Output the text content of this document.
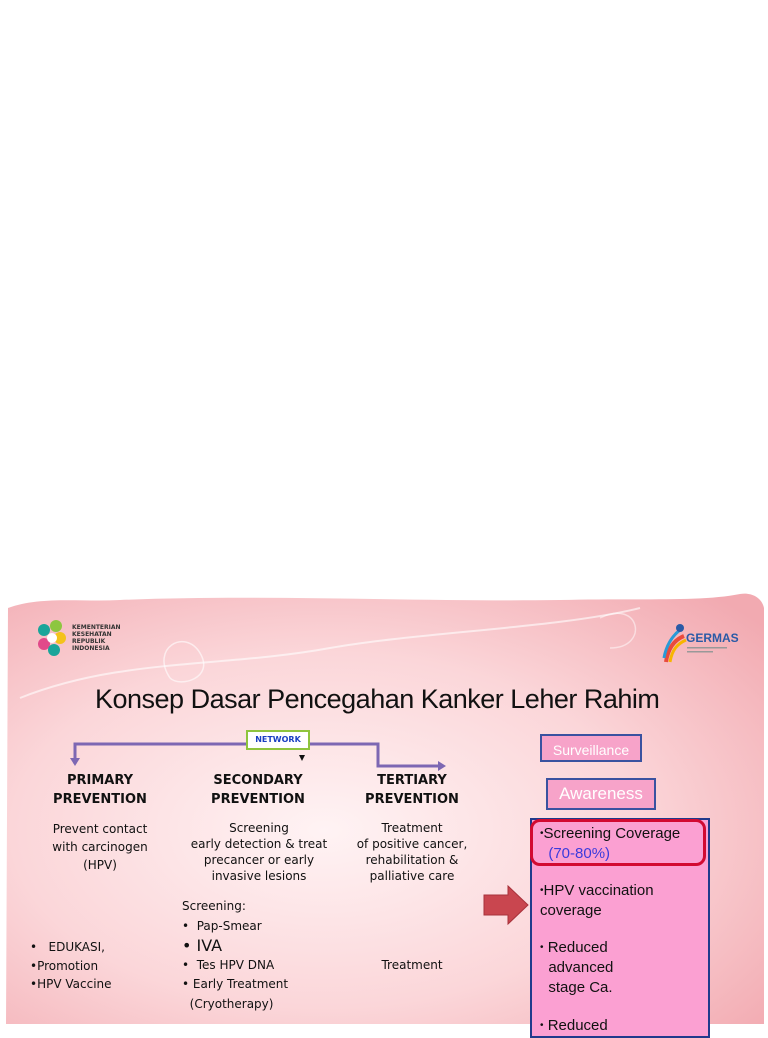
KEMENTERIAN
KESEHATAN
REPUBLIK
INDONESIA
GERMAS
Konsep Dasar Pencegahan Kanker Leher Rahim
NETWORK
PRIMARY
PREVENTION
SECONDARY
PREVENTION
TERTIARY
PREVENTION
Prevent contact
with carcinogen
(HPV)
Screening
early detection & treat
precancer or early
invasive lesions
Treatment
of positive cancer,
rehabilitation &
palliative care
Screening:
•  Pap-Smear
• IVA
•  Tes HPV DNA
• Early Treatment
(Cryotherapy)
•   EDUKASI,
•Promotion
•HPV Vaccine
Treatment
Surveillance
Awareness
•Screening Coverage
(70-80%)
•HPV vaccination
coverage
• Reduced
advanced
stage Ca.
• Reduced
